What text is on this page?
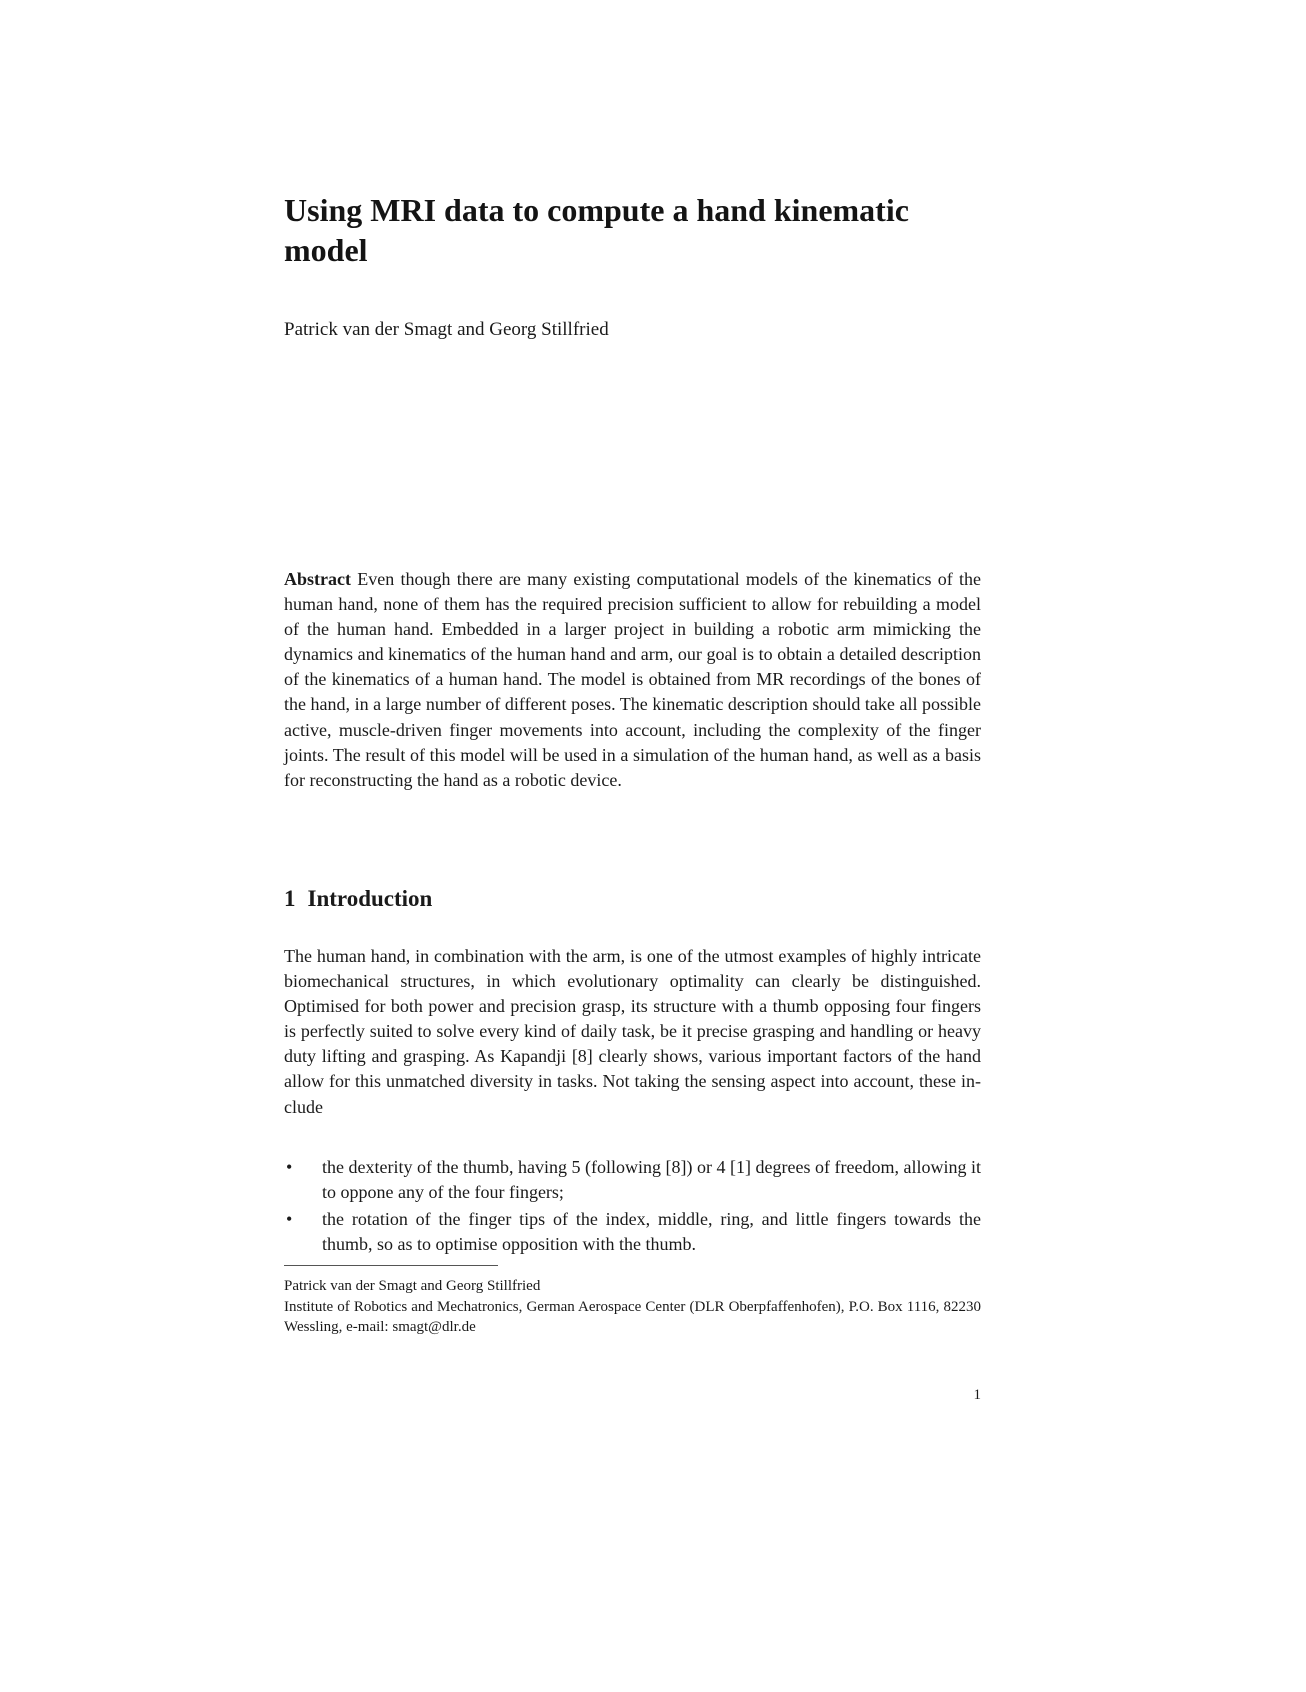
Using MRI data to compute a hand kinematic model
Patrick van der Smagt and Georg Stillfried

Abstract Even though there are many existing computational models of the kinematics of the human hand, none of them has the required precision sufficient to allow for rebuilding a model of the human hand. Embedded in a larger project in building a robotic arm mimicking the dynamics and kinematics of the human hand and arm, our goal is to obtain a detailed description of the kinematics of a human hand. The model is obtained from MR recordings of the bones of the hand, in a large number of different poses. The kinematic description should take all possible active, muscle-driven finger movements into account, including the complexity of the finger joints. The result of this model will be used in a simulation of the human hand, as well as a basis for reconstructing the hand as a robotic device.

1 Introduction

The human hand, in combination with the arm, is one of the utmost examples of highly intricate biomechanical structures, in which evolutionary optimality can clearly be distinguished. Optimised for both power and precision grasp, its structure with a thumb opposing four fingers is perfectly suited to solve every kind of daily task, be it precise grasping and handling or heavy duty lifting and grasping. As Kapandji [8] clearly shows, various important factors of the hand allow for this unmatched diversity in tasks. Not taking the sensing aspect into account, these include

• the dexterity of the thumb, having 5 (following [8]) or 4 [1] degrees of freedom, allowing it to oppone any of the four fingers;
• the rotation of the finger tips of the index, middle, ring, and little fingers towards the thumb, so as to optimise opposition with the thumb.
Patrick van der Smagt and Georg Stillfried
Institute of Robotics and Mechatronics, German Aerospace Center (DLR Oberpfaffenhofen), P.O. Box 1116, 82230 Wessling, e-mail: smagt@dlr.de
1
